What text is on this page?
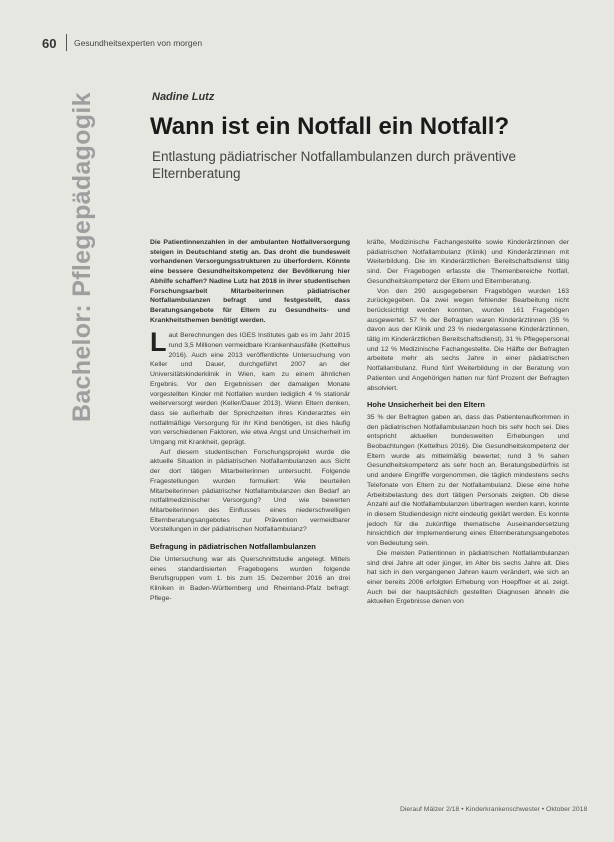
60 Gesundheitsexperten von morgen
Bachelor: Pflegepädagogik	Nadine Lutz
Wann ist ein Notfall ein Notfall?
Entlastung pädiatrischer Notfallambulanzen durch präventive Elternberatung

Die Patientinnenzahlen in der ambulanten Notfallversorgung steigen in Deutschland stetig an. Das droht die bundesweit vorhandenen Versorgungsstrukturen zu überfordern. Könnte eine bessere Gesundheitskompetenz der Bevölkerung hier Abhilfe schaffen? Nadine Lutz hat 2018 in ihrer studentischen Forschungsarbeit Mitarbeiterinnen pädiatrischer Notfallambulanzen befragt und festgestellt, dass Beratungsangebote für Eltern zu Gesundheits- und Krankheitsthemen benötigt werden.

Laut Berechnungen des IGES Institutes gab es im Jahr 2015 rund 3,5 Millionen vermeidbare Krankenhausfälle (Kettelhus 2016). Auch eine 2013 veröffentlichte Untersuchung von Keller und Dauer, durchgeführt 2007 an der Universitätskinderklinik in Wien, kam zu einem ähnlichen Ergebnis. Vor den Ergebnissen der damaligen Monate vorgestellten Kinder mit Notfallen wurden lediglich 4 % stationär weiterversorgt werden (Keller/Dauer 2013). Wenn Eltern denken, dass sie außerhalb der Sprechzeiten ihres Kinderarztes ein notfallmäßige Versorgung für ihr Kind benötigen, ist dies häufig von verschiedenen Faktoren, wie etwa Angst und Unsicherheit im Umgang mit Krankheit, geprägt.

Auf diesem studentischen Forschungsprojekt wurde die aktuelle Situation in pädiatrischen Notfallambulanzen aus Sicht der dort tätigen Mitarbeiterinnen untersucht. Folgende Fragestellungen wurden formuliert: Wie beurteilen Mitarbeiterinnen pädiatrischer Notfallambulanzen den Bedarf an notfallmedizinischer Versorgung? Und wie bewerten Mitarbeiterinnen des Einflusses eines niederschwelligen Elternberatungsangebotes zur Prävention vermeidbarer Vorstellungen in der pädiatrischen Notfallambulanz?

Befragung in pädiatrischen Notfallambulanzen

Die Untersuchung war als Querschnittstudie angelegt. Mittels eines standardisierten Fragebogens wurden folgende Berufsgruppen vom 1. bis zum 15. Dezember 2016 an drei Kliniken in Baden-Württemberg und Rheinland-Pfalz befragt: Pflege-

kräfte, Medizinische Fachangestellte sowie Kinderärztinnen der pädiatrischen Notfallambulanz (Klinik) und Kinderärztinnen mit Weiterbildung. Die im Kinderärztlichen Bereitschaftsdienst tätig sind. Der Fragebogen erfasste die Themenbereiche Notfall, Gesundheitskompetenz der Eltern und Elternberatung.

Von den 290 ausgegebenen Fragebögen wurden 163 zurückgegeben. Da zwei wegen fehlender Bearbeitung nicht berücksichtigt werden konnten, wurden 161 Fragebögen ausgewertet. 57 % der Befragten waren Kinderärztinnen (35 % davon aus der Klinik und 23 % niedergelassene Kinderärztinnen, tätig im Kinderärztlichen Bereitschaftsdienst), 31 % Pflegepersonal und 12 % Medizinische Fachangestellte. Die Hälfte der Befragten arbeitete mehr als sechs Jahre in einer pädiatrischen Notfallambulanz. Rund fünf Weiterbildung in der Beratung von Patienten und Angehörigen hatten nur fünf Prozent der Befragten absolviert.

Hohe Unsicherheit bei den Eltern

35 % der Befragten gaben an, dass das Patientenaufkommen in den pädiatrischen Notfallambulanzen hoch bis sehr hoch sei. Dies entspricht aktuellen bundesweiten Erhebungen und Beobachtungen (Kettelhus 2016). Die Gesundheitskompetenz der Eltern wurde als mittelmäßig bewertet; rund 3 % sahen Gesundheitskompetenz als sehr hoch an. Beratungsbedürfnis ist und andere Eingriffe vorgenommen, die täglich mindestens sechs Telefonate von Eltern zu der Notfallambulanz. Diese eine hohe Arbeitsbelastung des dort tätigen Personals zeigten. Ob diese Anzahl auf die Notfallambulanzen übertragen werden kann, konnte in diesem Studiendesign nicht eindeutig geklärt werden. Es konnte jedoch für die zukünftige thematische Auseinandersetzung hinsichtlich der Implementierung eines Elternberatungsangebotes von Bedeutung sein.

Die meisten Patientinnen in pädiatrischen Notfallambulanzen sind drei Jahre alt oder jünger, im Alter bis sechs Jahre alt. Dies hat sich in den vergangenen Jahren kaum verändert, wie sich an einer bereits 2006 erfolgten Erhebung von Hoepffner et al. zeigt. Auch bei der hauptsächlich gestellten Diagnosen ähneln die aktuellen Ergebnisse denen von

Dierauf Mälzer 2/18 • Kinderkrankenschwester • Oktober 2018
